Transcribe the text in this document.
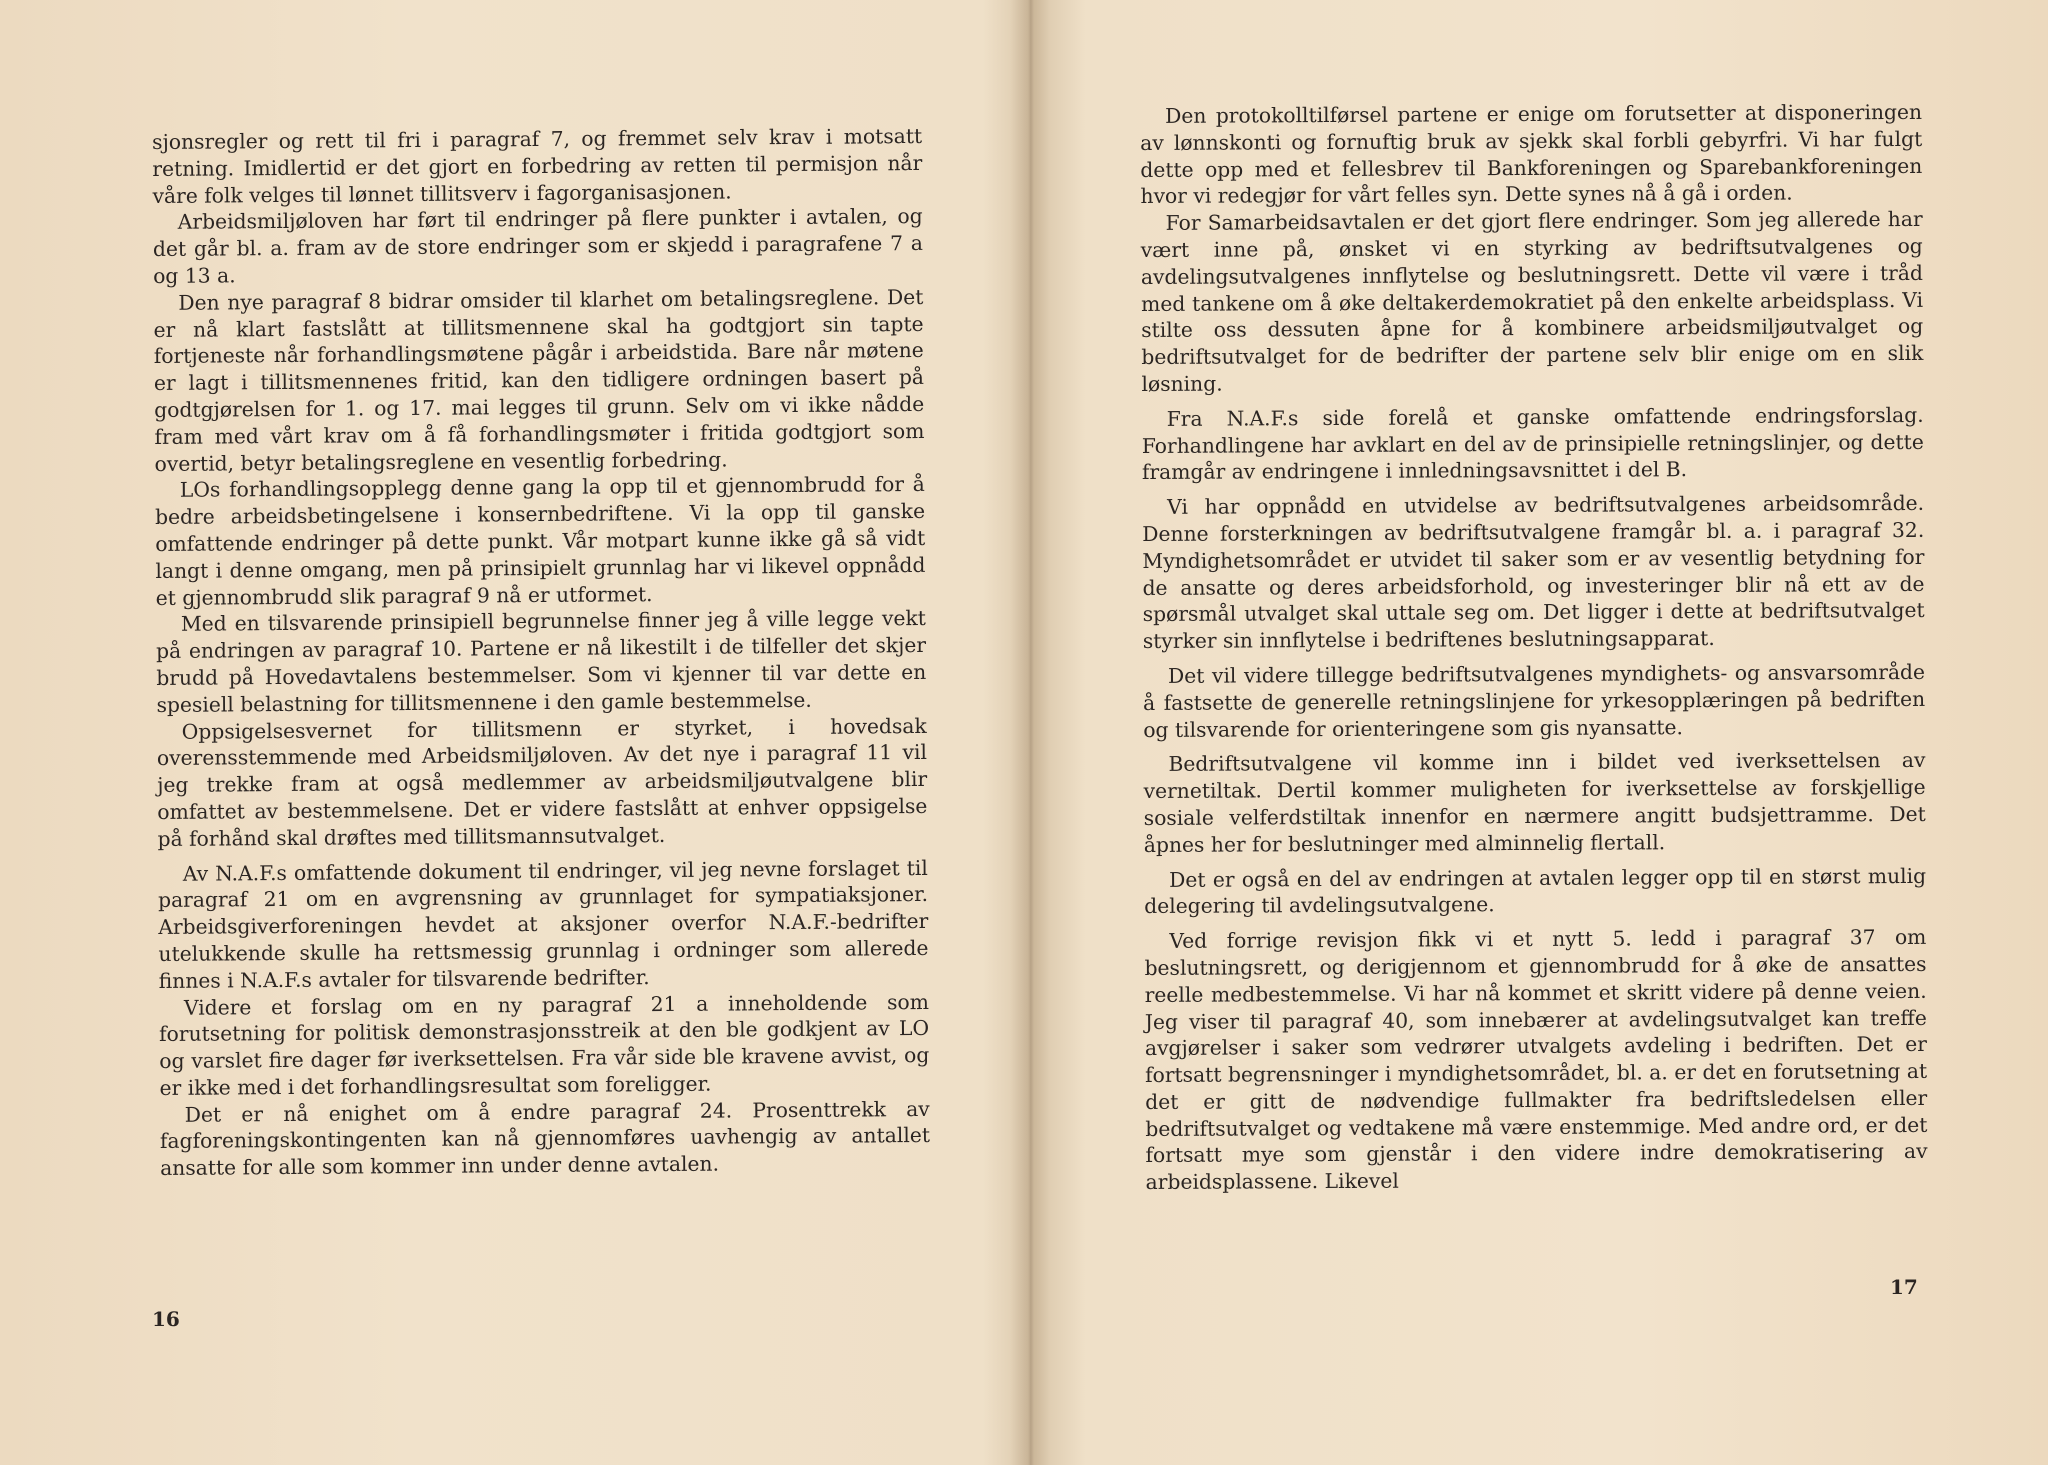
sjonsregler og rett til fri i paragraf 7, og fremmet selv krav i motsatt retning. Imidlertid er det gjort en forbedring av retten til permisjon når våre folk velges til lønnet tillitsverv i fagorganisasjonen.

Arbeidsmiljøloven har ført til endringer på flere punkter i avtalen, og det går bl. a. fram av de store endringer som er skjedd i paragrafene 7 a og 13 a.

Den nye paragraf 8 bidrar omsider til klarhet om betalingsreglene. Det er nå klart fastslått at tillitsmennene skal ha godtgjort sin tapte fortjeneste når forhandlingsmøtene pågår i arbeidstida. Bare når møtene er lagt i tillitsmennenes fritid, kan den tidligere ordningen basert på godtgjørelsen for 1. og 17. mai legges til grunn. Selv om vi ikke nådde fram med vårt krav om å få forhandlingsmøter i fritida godtgjort som overtid, betyr betalingsreglene en vesentlig forbedring.

LOs forhandlingsopplegg denne gang la opp til et gjennombrudd for å bedre arbeidsbetingelsene i konsernbedriftene. Vi la opp til ganske omfattende endringer på dette punkt. Vår motpart kunne ikke gå så vidt langt i denne omgang, men på prinsipielt grunnlag har vi likevel oppnådd et gjennombrudd slik paragraf 9 nå er utformet.

Med en tilsvarende prinsipiell begrunnelse finner jeg å ville legge vekt på endringen av paragraf 10. Partene er nå likestilt i de tilfeller det skjer brudd på Hovedavtalens bestemmelser. Som vi kjenner til var dette en spesiell belastning for tillitsmennene i den gamle bestemmelse.

Oppsigelsesvernet for tillitsmenn er styrket, i hovedsak overensstemmende med Arbeidsmiljøloven. Av det nye i paragraf 11 vil jeg trekke fram at også medlemmer av arbeidsmiljøutvalgene blir omfattet av bestemmelsene. Det er videre fastslått at enhver oppsigelse på forhånd skal drøftes med tillitsmannsutvalget.

Av N.A.F.s omfattende dokument til endringer, vil jeg nevne forslaget til paragraf 21 om en avgrensning av grunnlaget for sympatiaksjoner. Arbeidsgiverforeningen hevdet at aksjoner overfor N.A.F.-bedrifter utelukkende skulle ha rettsmessig grunnlag i ordninger som allerede finnes i N.A.F.s avtaler for tilsvarende bedrifter.

Videre et forslag om en ny paragraf 21 a inneholdende som forutsetning for politisk demonstrasjonsstreik at den ble godkjent av LO og varslet fire dager før iverksettelsen. Fra vår side ble kravene avvist, og er ikke med i det forhandlingsresultat som foreligger.

Det er nå enighet om å endre paragraf 24. Prosenttrekk av fagforeningskontingenten kan nå gjennomføres uavhengig av antallet ansatte for alle som kommer inn under denne avtalen.

16

Den protokolltilførsel partene er enige om forutsetter at disponeringen av lønnskonti og fornuftig bruk av sjekk skal forbli gebyrfri. Vi har fulgt dette opp med et fellesbrev til Bankforeningen og Sparebankforeningen hvor vi redegjør for vårt felles syn. Dette synes nå å gå i orden.

For Samarbeidsavtalen er det gjort flere endringer. Som jeg allerede har vært inne på, ønsket vi en styrking av bedriftsutvalgenes og avdelingsutvalgenes innflytelse og beslutningsrett. Dette vil være i tråd med tankene om å øke deltakerdemokratiet på den enkelte arbeidsplass. Vi stilte oss dessuten åpne for å kombinere arbeidsmiljøutvalget og bedriftsutvalget for de bedrifter der partene selv blir enige om en slik løsning.

Fra N.A.F.s side forelå et ganske omfattende endringsforslag. Forhandlingene har avklart en del av de prinsipielle retningslinjer, og dette framgår av endringene i innledningsavsnittet i del B.

Vi har oppnådd en utvidelse av bedriftsutvalgenes arbeidsområde. Denne forsterkningen av bedriftsutvalgene framgår bl. a. i paragraf 32. Myndighetsområdet er utvidet til saker som er av vesentlig betydning for de ansatte og deres arbeidsforhold, og investeringer blir nå ett av de spørsmål utvalget skal uttale seg om. Det ligger i dette at bedriftsutvalget styrker sin innflytelse i bedriftenes beslutningsapparat.

Det vil videre tillegge bedriftsutvalgenes myndighets- og ansvarsområde å fastsette de generelle retningslinjene for yrkesopplæringen på bedriften og tilsvarende for orienteringene som gis nyansatte.

Bedriftsutvalgene vil komme inn i bildet ved iverksettelsen av vernetiltak. Dertil kommer muligheten for iverksettelse av forskjellige sosiale velferdstiltak innenfor en nærmere angitt budsjettramme. Det åpnes her for beslutninger med alminnelig flertall.

Det er også en del av endringen at avtalen legger opp til en størst mulig delegering til avdelingsutvalgene.

Ved forrige revisjon fikk vi et nytt 5. ledd i paragraf 37 om beslutningsrett, og derigjennom et gjennombrudd for å øke de ansattes reelle medbestemmelse. Vi har nå kommet et skritt videre på denne veien. Jeg viser til paragraf 40, som innebærer at avdelingsutvalget kan treffe avgjørelser i saker som vedrører utvalgets avdeling i bedriften. Det er fortsatt begrensninger i myndighetsområdet, bl. a. er det en forutsetning at det er gitt de nødvendige fullmakter fra bedriftsledelsen eller bedriftsutvalget og vedtakene må være enstemmige. Med andre ord, er det fortsatt mye som gjenstår i den videre indre demokratisering av arbeidsplassene. Likevel

17
